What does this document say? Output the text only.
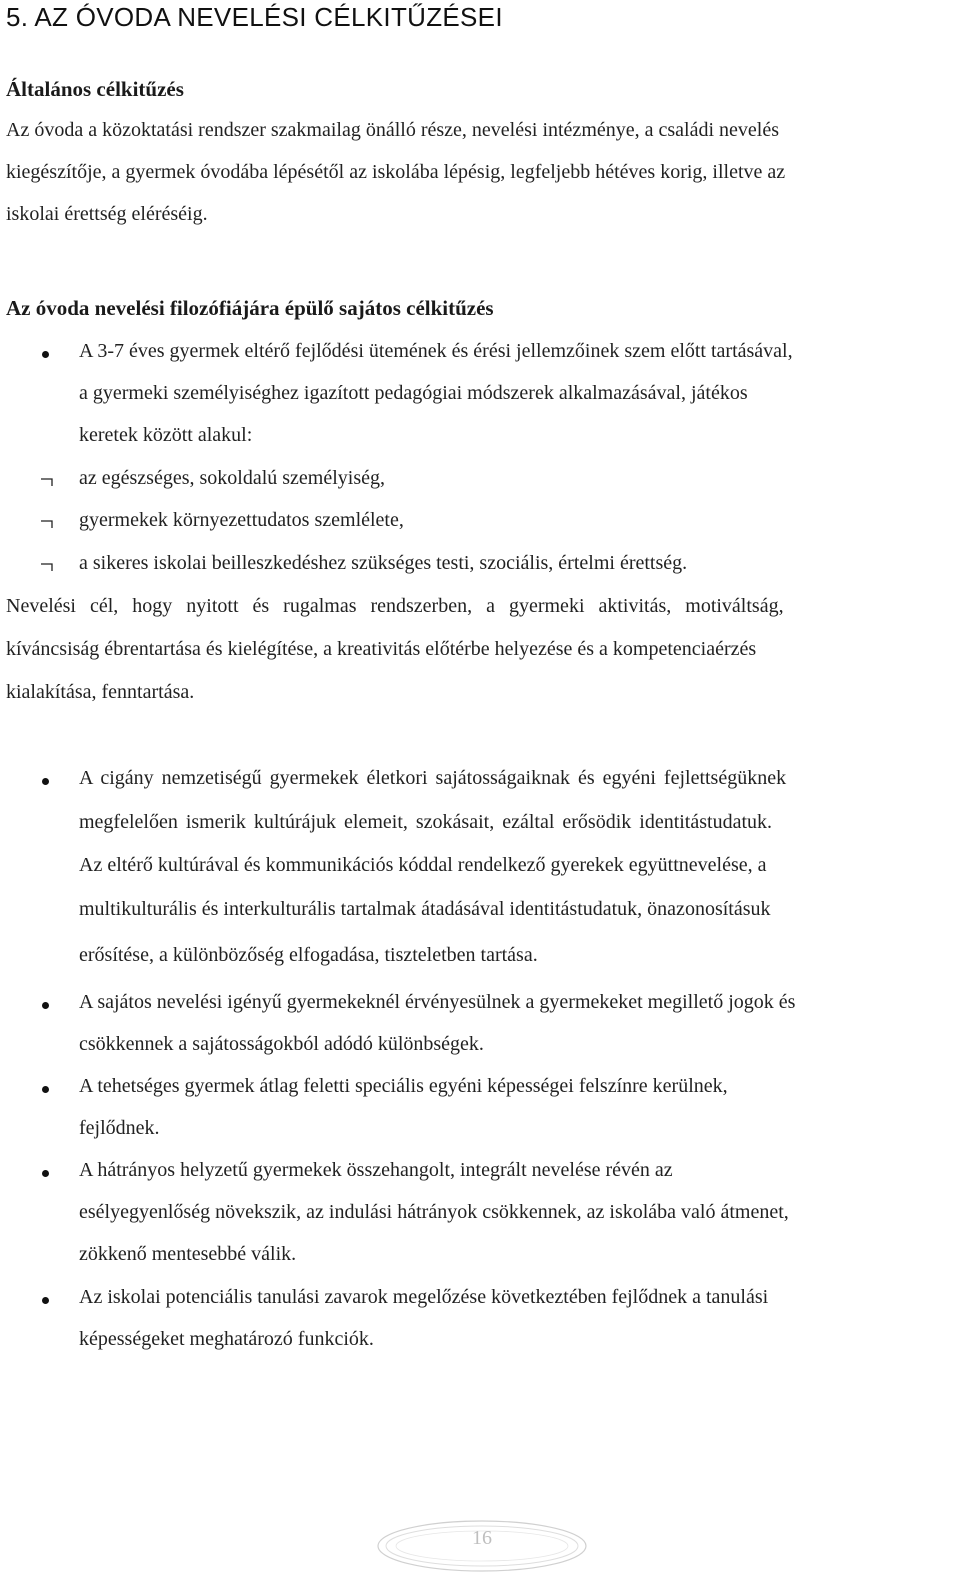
5. AZ ÓVODA NEVELÉSI CÉLKITŰZÉSEI
Általános célkitűzés
Az óvoda a közoktatási rendszer szakmailag önálló része, nevelési intézménye, a családi nevelés
kiegészítője, a gyermek óvodába lépésétől az iskolába lépésig, legfeljebb hétéves korig, illetve az
iskolai érettség eléréséig.
Az óvoda nevelési filozófiájára épülő sajátos célkitűzés
A 3-7 éves gyermek eltérő fejlődési ütemének és érési jellemzőinek szem előtt tartásával,
a gyermeki személyiséghez igazított pedagógiai módszerek alkalmazásával, játékos
keretek között alakul:
az egészséges, sokoldalú személyiség,
gyermekek környezettudatos szemlélete,
a sikeres iskolai beilleszkedéshez szükséges testi, szociális, értelmi érettség.
Nevelési cél, hogy nyitott és rugalmas rendszerben, a gyermeki aktivitás, motiváltság,
kíváncsiság ébrentartása és kielégítése, a kreativitás előtérbe helyezése és a kompetenciaérzés
kialakítása, fenntartása.
A cigány nemzetiségű gyermekek életkori sajátosságaiknak és egyéni fejlettségüknek
megfelelően ismerik kultúrájuk elemeit, szokásait, ezáltal erősödik identitástudatuk.
Az eltérő kultúrával és kommunikációs kóddal rendelkező gyerekek együttnevelése, a
multikulturális és interkulturális tartalmak átadásával identitástudatuk, önazonosításuk
erősítése, a különbözőség elfogadása, tiszteletben tartása.
A sajátos nevelési igényű gyermekeknél érvényesülnek a gyermekeket megillető jogok és
csökkennek a sajátosságokból adódó különbségek.
A tehetséges gyermek átlag feletti speciális egyéni képességei felszínre kerülnek,
fejlődnek.
A hátrányos helyzetű gyermekek összehangolt, integrált nevelése révén az
esélyegyenlőség növekszik, az indulási hátrányok csökkennek, az iskolába való átmenet,
zökkenő mentesebbé válik.
Az iskolai potenciális tanulási zavarok megelőzése következtében fejlődnek a tanulási
képességeket meghatározó funkciók.
16
